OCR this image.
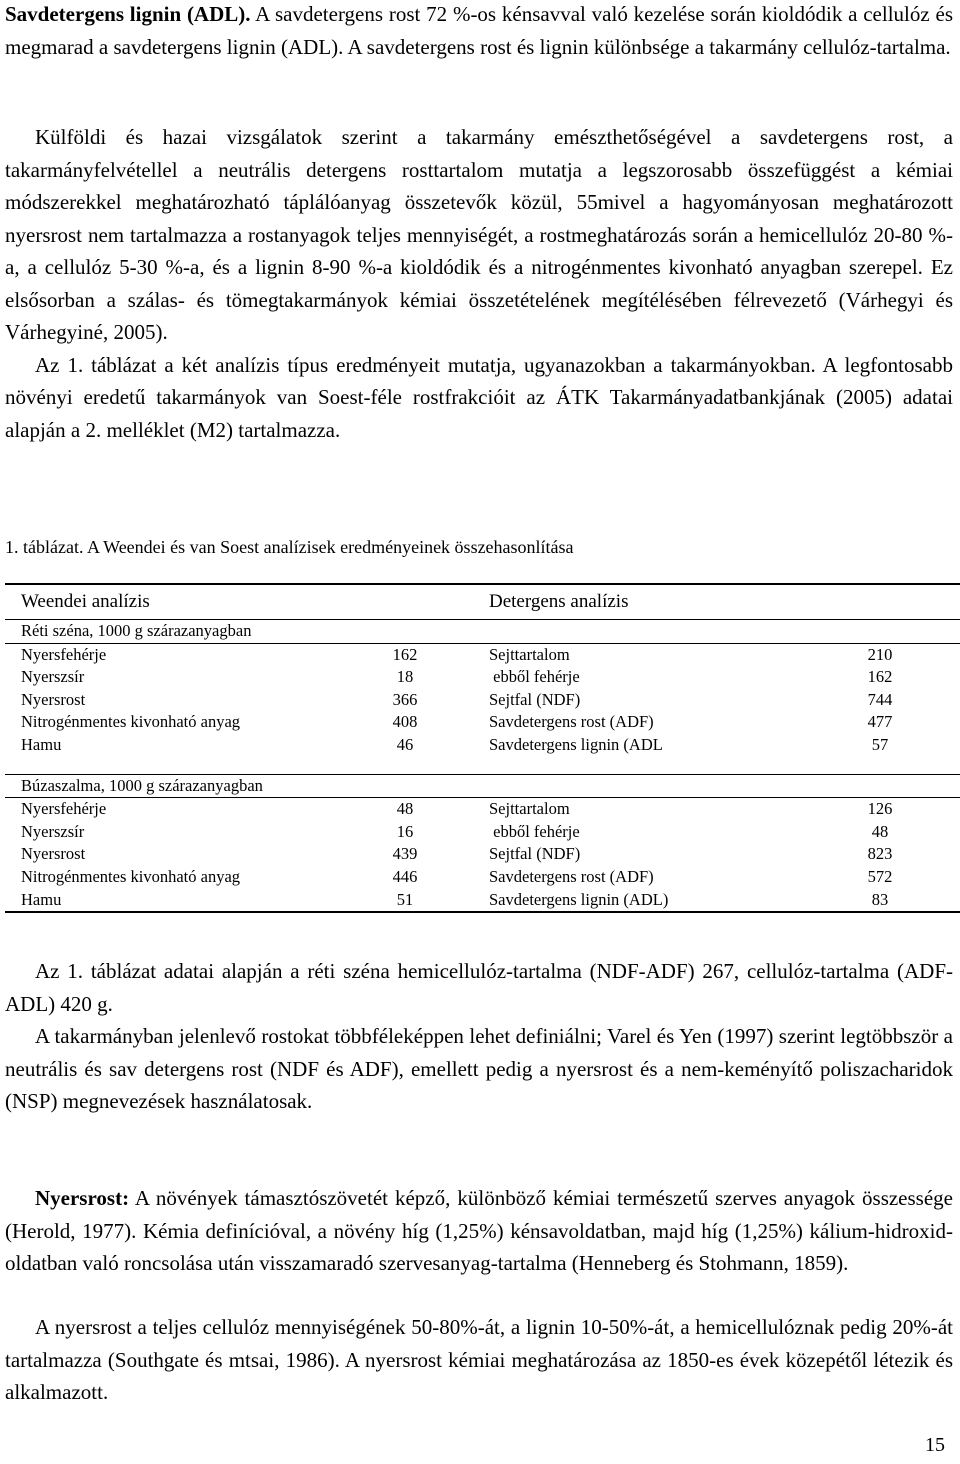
Savdetergens lignin (ADL). A savdetergens rost 72 %-os kénsavval való kezelése során kioldódik a cellulóz és megmarad a savdetergens lignin (ADL). A savdetergens rost és lignin különbsége a takarmány cellulóz-tartalma.

Külföldi és hazai vizsgálatok szerint a takarmány emészthetőségével a savdetergens rost, a takarmányfelvétellel a neutrális detergens rosttartalom mutatja a legszorosabb összefüggést a kémiai módszerekkel meghatározható táplálóanyag összetevők közül, 55mivel a hagyományosan meghatározott nyersrost nem tartalmazza a rostanyagok teljes mennyiségét, a rostmeghatározás során a hemicellulóz 20-80 %-a, a cellulóz 5-30 %-a, és a lignin 8-90 %-a kioldódik és a nitrogénmentes kivonható anyagban szerepel. Ez elsősorban a szálas- és tömegtakarmányok kémiai összetételének megítélésében félrevezető (Várhegyi és Várhegyiné, 2005).

Az 1. táblázat a két analízis típus eredményeit mutatja, ugyanazokban a takarmányokban. A legfontosabb növényi eredetű takarmányok van Soest-féle rostfrakcióit az ÁTK Takarmányadatbankjának (2005) adatai alapján a 2. melléklet (M2) tartalmazza.

1. táblázat. A Weendei és van Soest analízisek eredményeinek összehasonlítása
Weendei analízis	Detergens analízis
Réti széna, 1000 g szárazanyagban
Nyersfehérje	162	Sejttartalom	210
Nyerszsír	18	ebből fehérje	162
Nyersrost	366	Sejtfal (NDF)	744
Nitrogénmentes kivonható anyag	408	Savdetergens rost (ADF)	477
Hamu	46	Savdetergens lignin (ADL	57
Búzaszalma, 1000 g szárazanyagban
Nyersfehérje	48	Sejttartalom	126
Nyerszsír	16	ebből fehérje	48
Nyersrost	439	Sejtfal (NDF)	823
Nitrogénmentes kivonható anyag	446	Savdetergens rost (ADF)	572
Hamu	51	Savdetergens lignin (ADL)	83

Az 1. táblázat adatai alapján a réti széna hemicellulóz-tartalma (NDF-ADF) 267, cellulóz-tartalma (ADF-ADL) 420 g.

A takarmányban jelenlevő rostokat többféleképpen lehet definiálni; Varel és Yen (1997) szerint legtöbbször a neutrális és sav detergens rost (NDF és ADF), emellett pedig a nyersrost és a nem-keményítő poliszacharidok (NSP) megnevezések használatosak.

Nyersrost: A növények támasztószövetét képző, különböző kémiai természetű szerves anyagok összessége (Herold, 1977). Kémia definícióval, a növény híg (1,25%) kénsavoldatban, majd híg (1,25%) kálium-hidroxid-oldatban való roncsolása után visszamaradó szervesanyag-tartalma (Henneberg és Stohmann, 1859).

A nyersrost a teljes cellulóz mennyiségének 50-80%-át, a lignin 10-50%-át, a hemicellulóznak pedig 20%-át tartalmazza (Southgate és mtsai, 1986). A nyersrost kémiai meghatározása az 1850-es évek közepétől létezik és alkalmazott.

15
